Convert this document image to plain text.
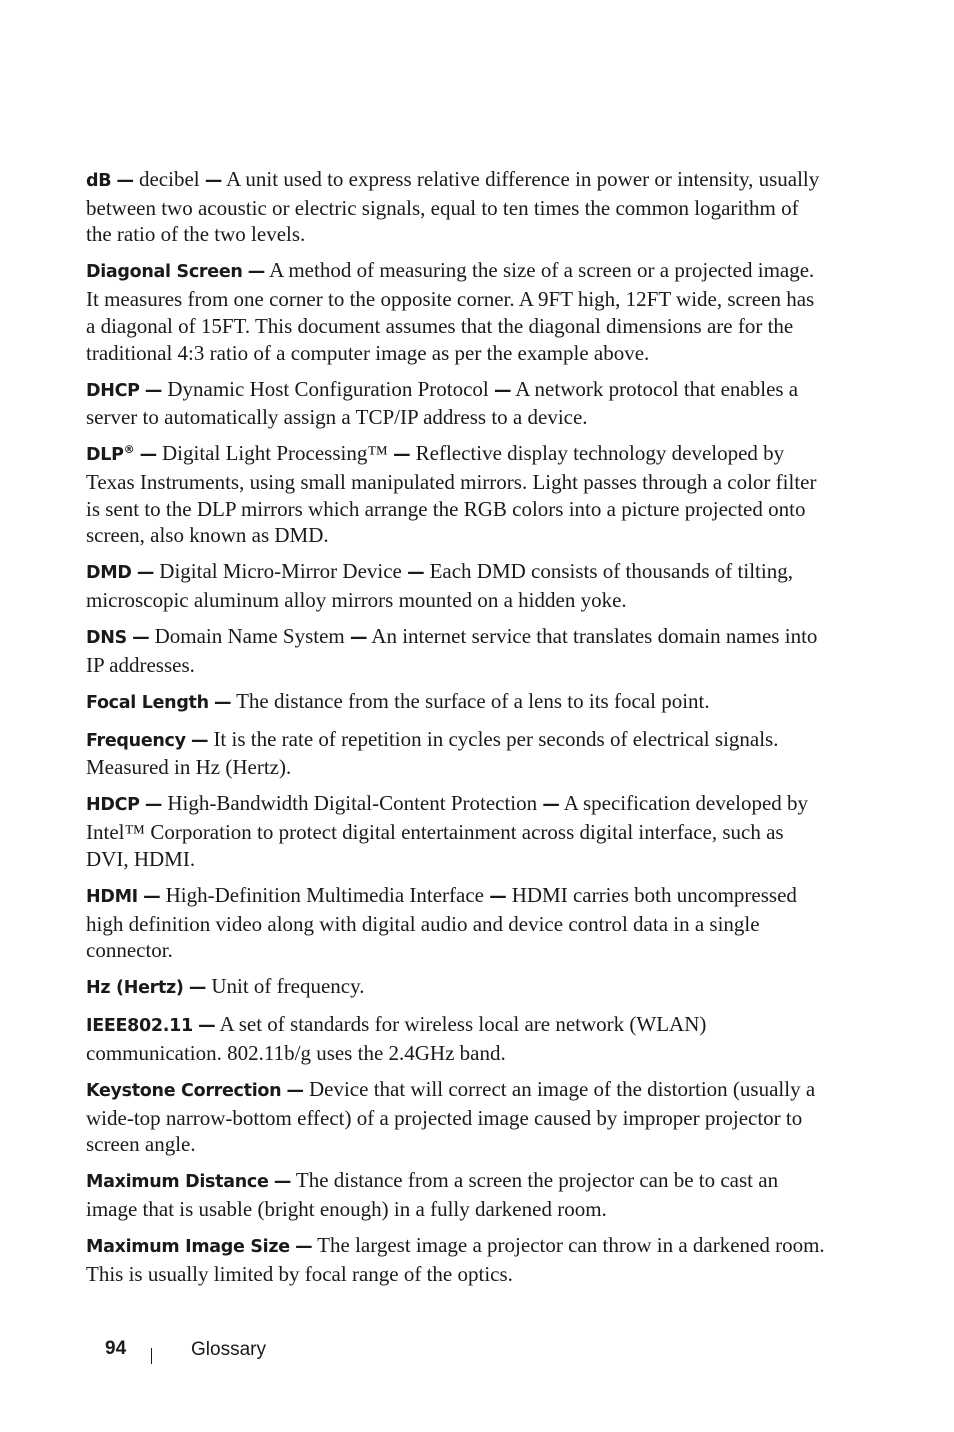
dB — decibel — A unit used to express relative difference in power or intensity, usually between two acoustic or electric signals, equal to ten times the common logarithm of the ratio of the two levels.

Diagonal Screen — A method of measuring the size of a screen or a projected image. It measures from one corner to the opposite corner. A 9FT high, 12FT wide, screen has a diagonal of 15FT. This document assumes that the diagonal dimensions are for the traditional 4:3 ratio of a computer image as per the example above.

DHCP — Dynamic Host Configuration Protocol — A network protocol that enables a server to automatically assign a TCP/IP address to a device.

DLP® — Digital Light Processing™ — Reflective display technology developed by Texas Instruments, using small manipulated mirrors. Light passes through a color filter is sent to the DLP mirrors which arrange the RGB colors into a picture projected onto screen, also known as DMD.

DMD — Digital Micro-Mirror Device — Each DMD consists of thousands of tilting, microscopic aluminum alloy mirrors mounted on a hidden yoke.

DNS — Domain Name System — An internet service that translates domain names into IP addresses.

Focal Length — The distance from the surface of a lens to its focal point.

Frequency — It is the rate of repetition in cycles per seconds of electrical signals. Measured in Hz (Hertz).

HDCP — High-Bandwidth Digital-Content Protection — A specification developed by Intel™ Corporation to protect digital entertainment across digital interface, such as DVI, HDMI.

HDMI — High-Definition Multimedia Interface — HDMI carries both uncompressed high definition video along with digital audio and device control data in a single connector.

Hz (Hertz) — Unit of frequency.

IEEE802.11 — A set of standards for wireless local are network (WLAN) communication. 802.11b/g uses the 2.4GHz band.

Keystone Correction — Device that will correct an image of the distortion (usually a wide-top narrow-bottom effect) of a projected image caused by improper projector to screen angle.

Maximum Distance — The distance from a screen the projector can be to cast an image that is usable (bright enough) in a fully darkened room.

Maximum Image Size — The largest image a projector can throw in a darkened room. This is usually limited by focal range of the optics.

94	Glossary
